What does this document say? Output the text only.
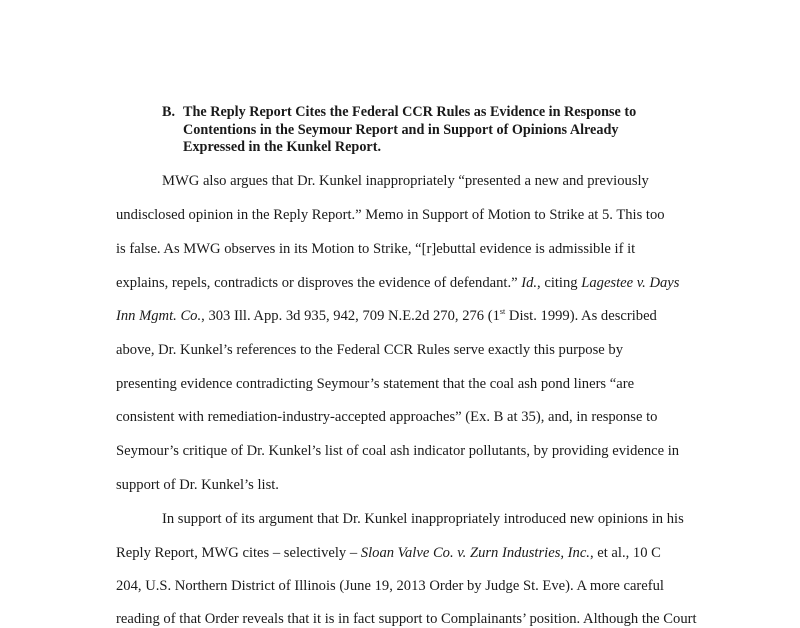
B. The Reply Report Cites the Federal CCR Rules as Evidence in Response to Contentions in the Seymour Report and in Support of Opinions Already Expressed in the Kunkel Report.
MWG also argues that Dr. Kunkel inappropriately “presented a new and previously
undisclosed opinion in the Reply Report.” Memo in Support of Motion to Strike at 5. This too
is false. As MWG observes in its Motion to Strike, “[r]ebuttal evidence is admissible if it
explains, repels, contradicts or disproves the evidence of defendant.” Id., citing Lagestee v. Days
Inn Mgmt. Co., 303 Ill. App. 3d 935, 942, 709 N.E.2d 270, 276 (1st Dist. 1999). As described
above, Dr. Kunkel’s references to the Federal CCR Rules serve exactly this purpose by
presenting evidence contradicting Seymour’s statement that the coal ash pond liners “are
consistent with remediation-industry-accepted approaches” (Ex. B at 35), and, in response to
Seymour’s critique of Dr. Kunkel’s list of coal ash indicator pollutants, by providing evidence in
support of Dr. Kunkel’s list.
In support of its argument that Dr. Kunkel inappropriately introduced new opinions in his
Reply Report, MWG cites – selectively – Sloan Valve Co. v. Zurn Industries, Inc., et al., 10 C
204, U.S. Northern District of Illinois (June 19, 2013 Order by Judge St. Eve). A more careful
reading of that Order reveals that it is in fact support to Complainants’ position. Although the Court
